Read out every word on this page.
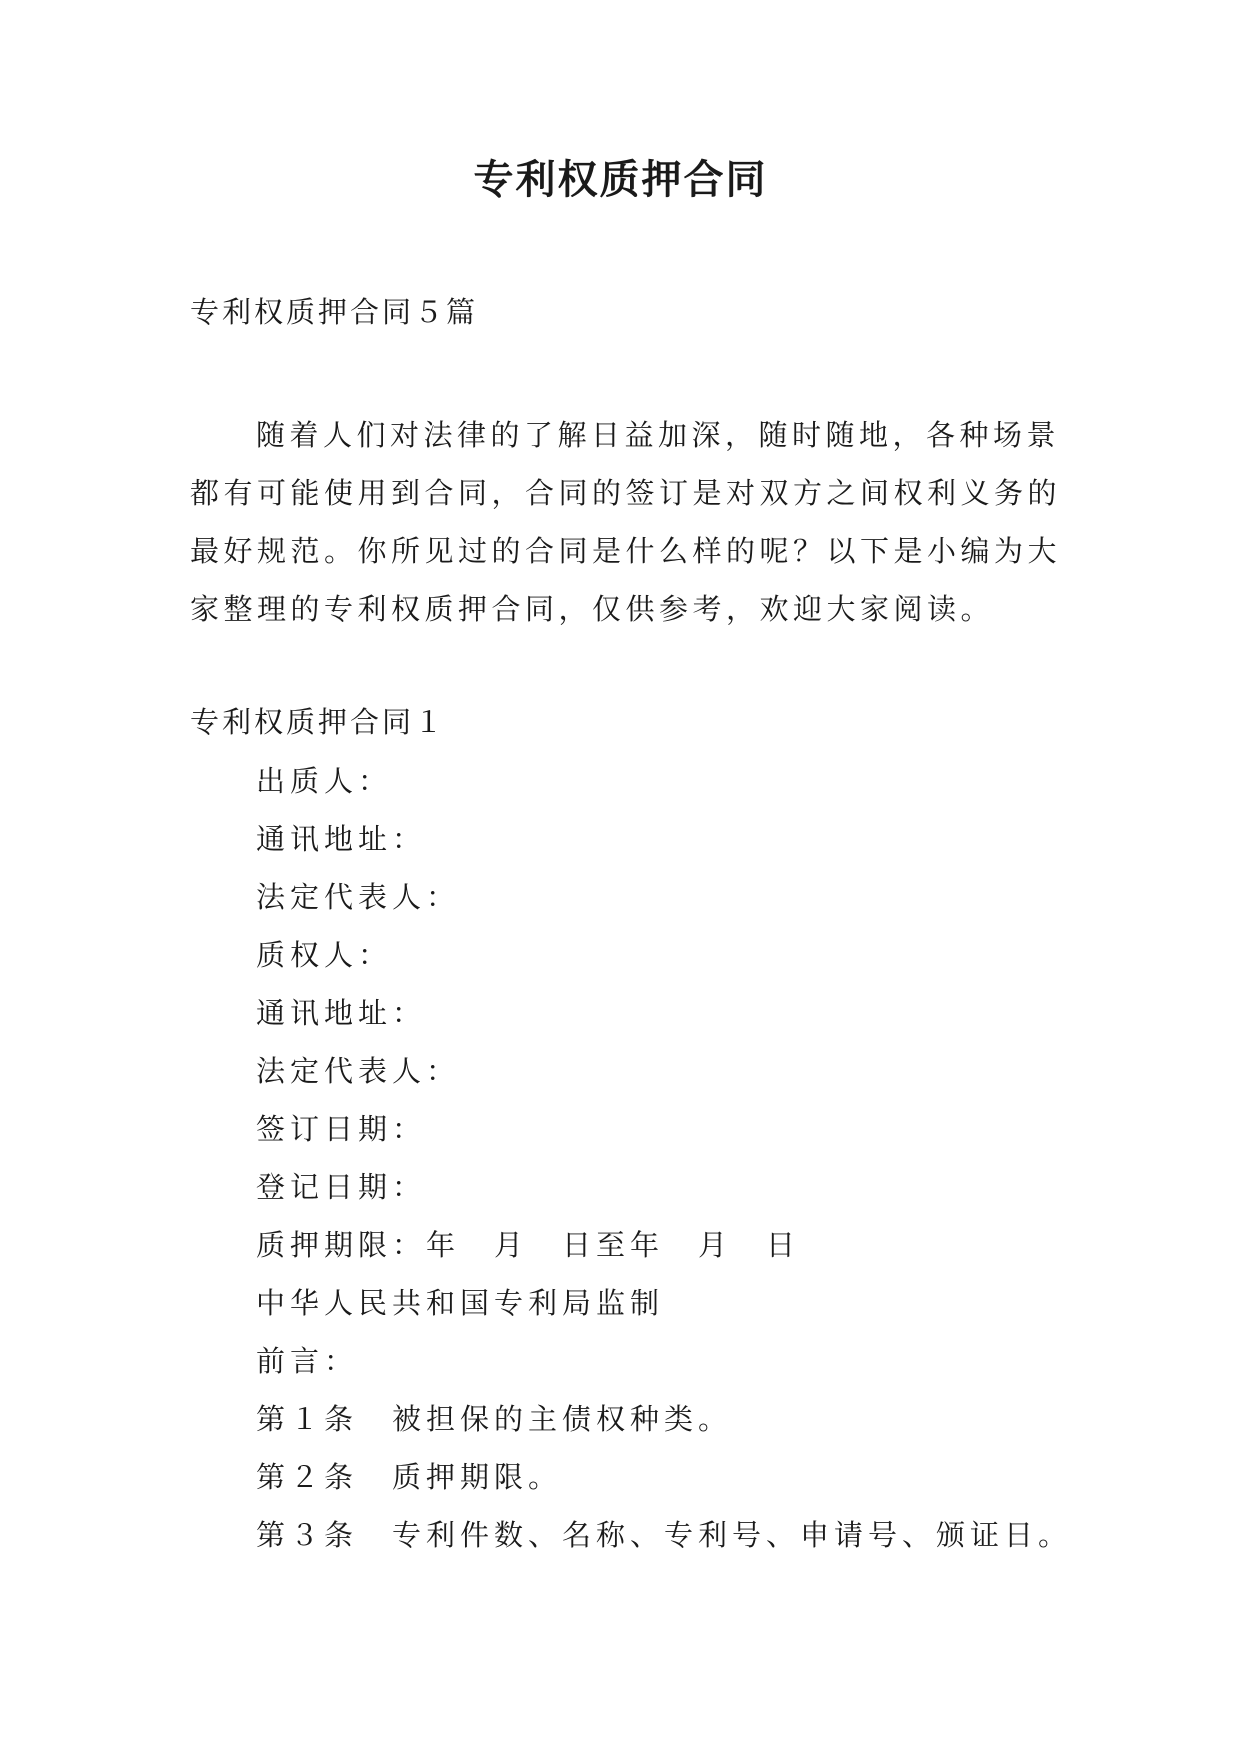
专利权质押合同
专利权质押合同５篇

随着人们对法律的了解日益加深，随时随地，各种场景都有可能使用到合同，合同的签订是对双方之间权利义务的最好规范。你所见过的合同是什么样的呢？以下是小编为大家整理的专利权质押合同，仅供参考，欢迎大家阅读。

专利权质押合同１
出质人：
通讯地址：
法定代表人：
质权人：
通讯地址：
法定代表人：
签订日期：
登记日期：
质押期限：年　月　日至年　月　日
中华人民共和国专利局监制
前言：
第１条　被担保的主债权种类。
第２条　质押期限。
第３条　专利件数、名称、专利号、申请号、颁证日。
